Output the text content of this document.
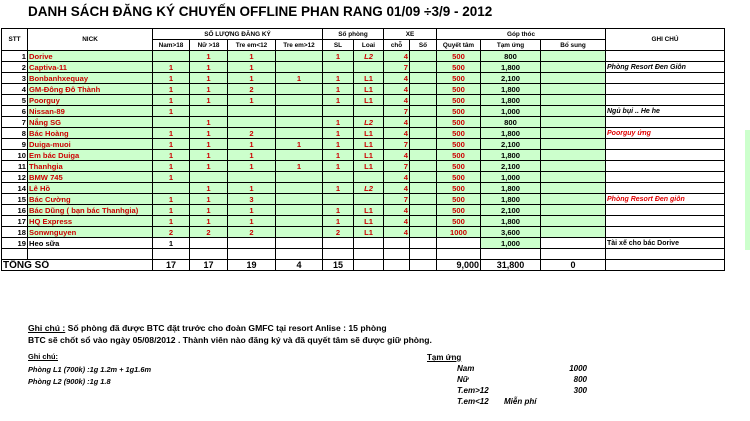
DANH SÁCH ĐĂNG KÝ CHUYẾN OFFLINE PHAN RANG 01/09 ÷3/9 - 2012
STT	NICK	SỐ LƯỢNG ĐĂNG KÝ				Số phòng		XE		Góp thóc			GHI CHÚ
		Nam>18	Nữ >18	Tre em<12	Tre em>12	SL	Loai	chỗ	Số	Quyết tâm	Tạm ứng	Bổ sung	
1	Dorive		1	1		1	L2	4		500	800		
2	Captiva-11	1	1	1				7		500	1,800		Phòng Resort Đen Giôn
3	Bonbanhxequay	1	1	1	1	1	L1	4		500	2,100		
4	GM-Đông Đô Thành	1	1	2		1	L1	4		500	1,800		
5	Poorguy	1	1	1		1	L1	4		500	1,800		
6	Nissan-89	1						7		500	1,000		Ngủ bụi .. He he
7	Nắng SG		1			1	L2	4		500	800		
8	Bác Hoàng	1	1	2		1	L1	4		500	1,800		Poorguy ứng
9	Duiga-muoi	1	1	1	1	1	L1	7		500	2,100		
10	Em bác Duiga	1	1	1		1	L1	4		500	1,800		
11	Thanhgia	1	1	1	1	1	L1	7		500	2,100		
12	BMW 745	1						4		500	1,000		
14	Lê Hồ		1	1		1	L2	4		500	1,800		
15	Bác Cường	1	1	3				7		500	1,800		Phòng Resort Đen giôn
16	Bác Dũng ( bạn bác Thanhgia)	1	1	1		1	L1	4		500	2,100		
17	HQ Express	1	1	1		1	L1	4		500	1,800		
18	Sonwnguyen	2	2	2		2	L1	4		1000	3,600		
19	Heo sữa	1									1,000		Tài xế cho bác Dorive

TỔNG SỐ		17	17	19	4	15				9,000	31,800	0	
Ghi chú : Số phòng đã được BTC đặt trước cho đoàn GMFC tại resort Anlise : 15 phòng
BTC sẽ chốt sổ vào ngày 05/08/2012 . Thành viên nào đăng ký và đã quyết tâm sẽ được giữ phòng.
Ghi chú:
Phòng L1 (700k) :1g 1.2m + 1g1.6m
Phòng L2 (900k) :1g 1.8
Tạm ứng
Nam	1000
Nữ	800
T.em>12	300
T.em<12 Miễn phí
